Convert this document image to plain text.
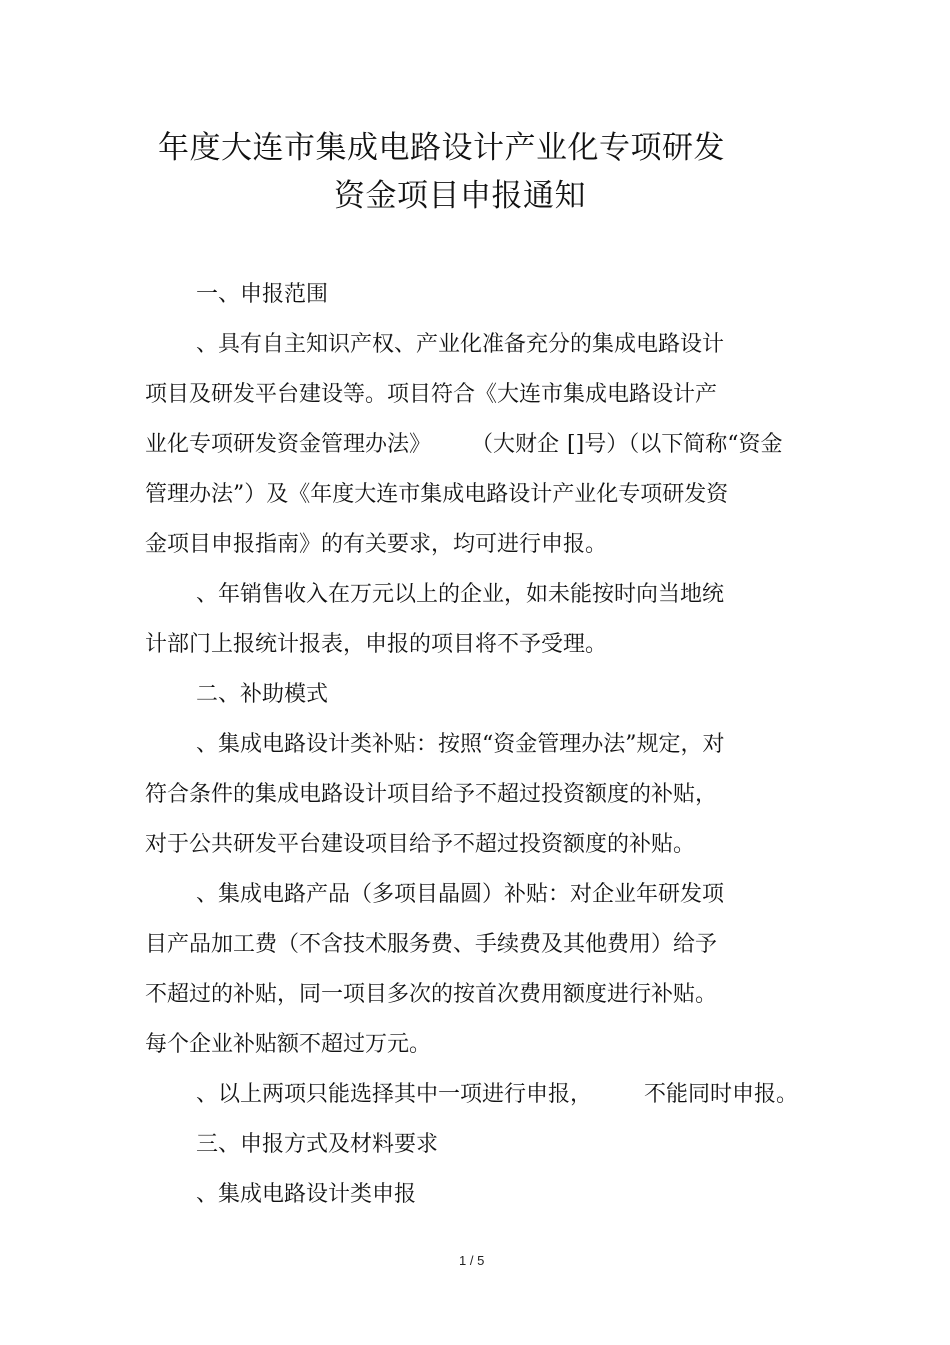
年度大连市集成电路设计产业化专项研发
资金项目申报通知
一、申报范围
、具有自主知识产权、产业化准备充分的集成电路设计
项目及研发平台建设等。项目符合《大连市集成电路设计产
业化专项研发资金管理办法》 （大财企 []号）（以下简称“资金
管理办法”）及《年度大连市集成电路设计产业化专项研发资
金项目申报指南》的有关要求，均可进行申报。
、年销售收入在万元以上的企业，如未能按时向当地统
计部门上报统计报表，申报的项目将不予受理。
二、补助模式
、集成电路设计类补贴：按照“资金管理办法”规定，对
符合条件的集成电路设计项目给予不超过投资额度的补贴，
对于公共研发平台建设项目给予不超过投资额度的补贴。
、集成电路产品（多项目晶圆）补贴：对企业年研发项
目产品加工费（不含技术服务费、手续费及其他费用）给予
不超过的补贴，同一项目多次的按首次费用额度进行补贴。
每个企业补贴额不超过万元。
、以上两项只能选择其中一项进行申报， 不能同时申报。
三、申报方式及材料要求
、集成电路设计类申报
1 / 5
